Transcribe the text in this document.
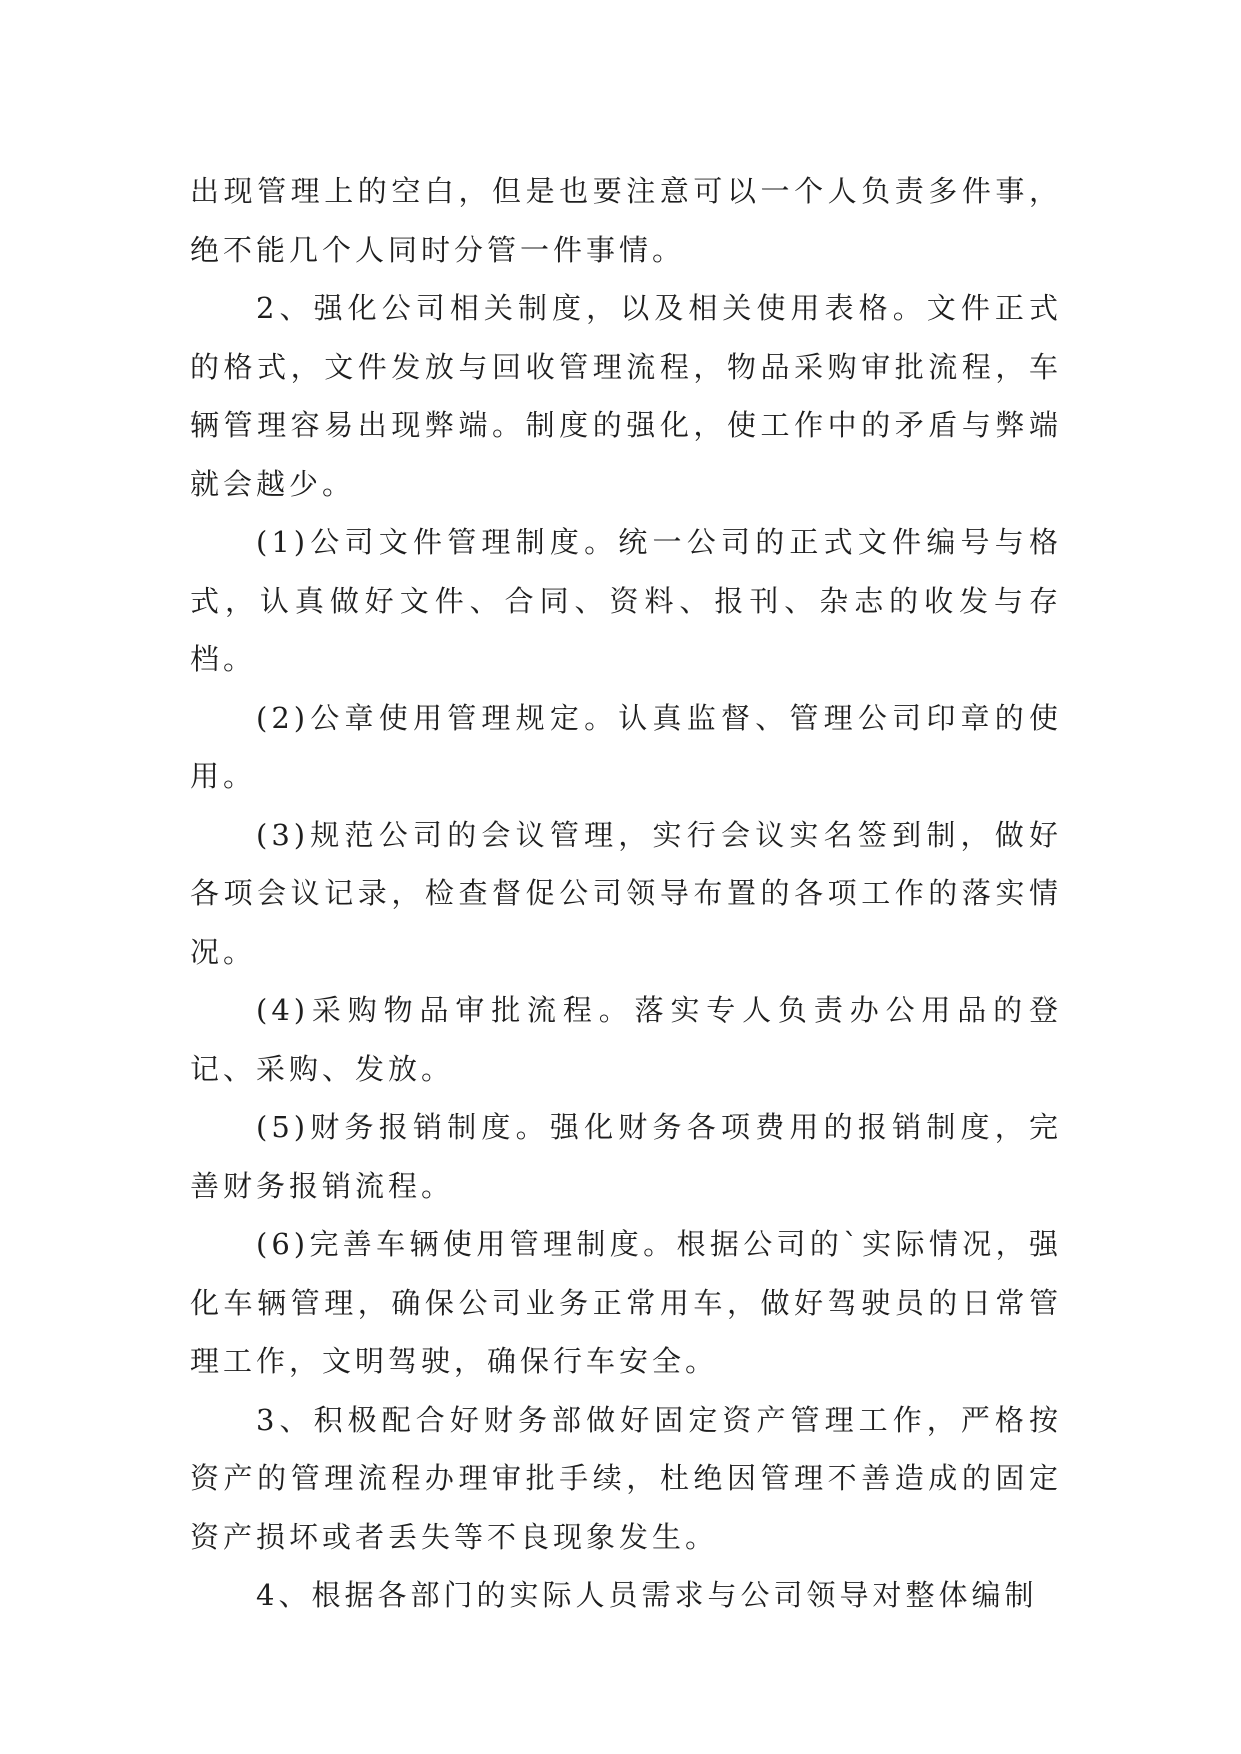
出现管理上的空白，但是也要注意可以一个人负责多件事，绝不能几个人同时分管一件事情。

2、强化公司相关制度，以及相关使用表格。文件正式的格式，文件发放与回收管理流程，物品采购审批流程，车辆管理容易出现弊端。制度的强化，使工作中的矛盾与弊端就会越少。

(1)公司文件管理制度。统一公司的正式文件编号与格式，认真做好文件、合同、资料、报刊、杂志的收发与存档。

(2)公章使用管理规定。认真监督、管理公司印章的使用。

(3)规范公司的会议管理，实行会议实名签到制，做好各项会议记录，检查督促公司领导布置的各项工作的落实情况。

(4)采购物品审批流程。落实专人负责办公用品的登记、采购、发放。

(5)财务报销制度。强化财务各项费用的报销制度，完善财务报销流程。

(6)完善车辆使用管理制度。根据公司的`实际情况，强化车辆管理，确保公司业务正常用车，做好驾驶员的日常管理工作，文明驾驶，确保行车安全。

3、积极配合好财务部做好固定资产管理工作，严格按资产的管理流程办理审批手续，杜绝因管理不善造成的固定资产损坏或者丢失等不良现象发生。

4、根据各部门的实际人员需求与公司领导对整体编制
